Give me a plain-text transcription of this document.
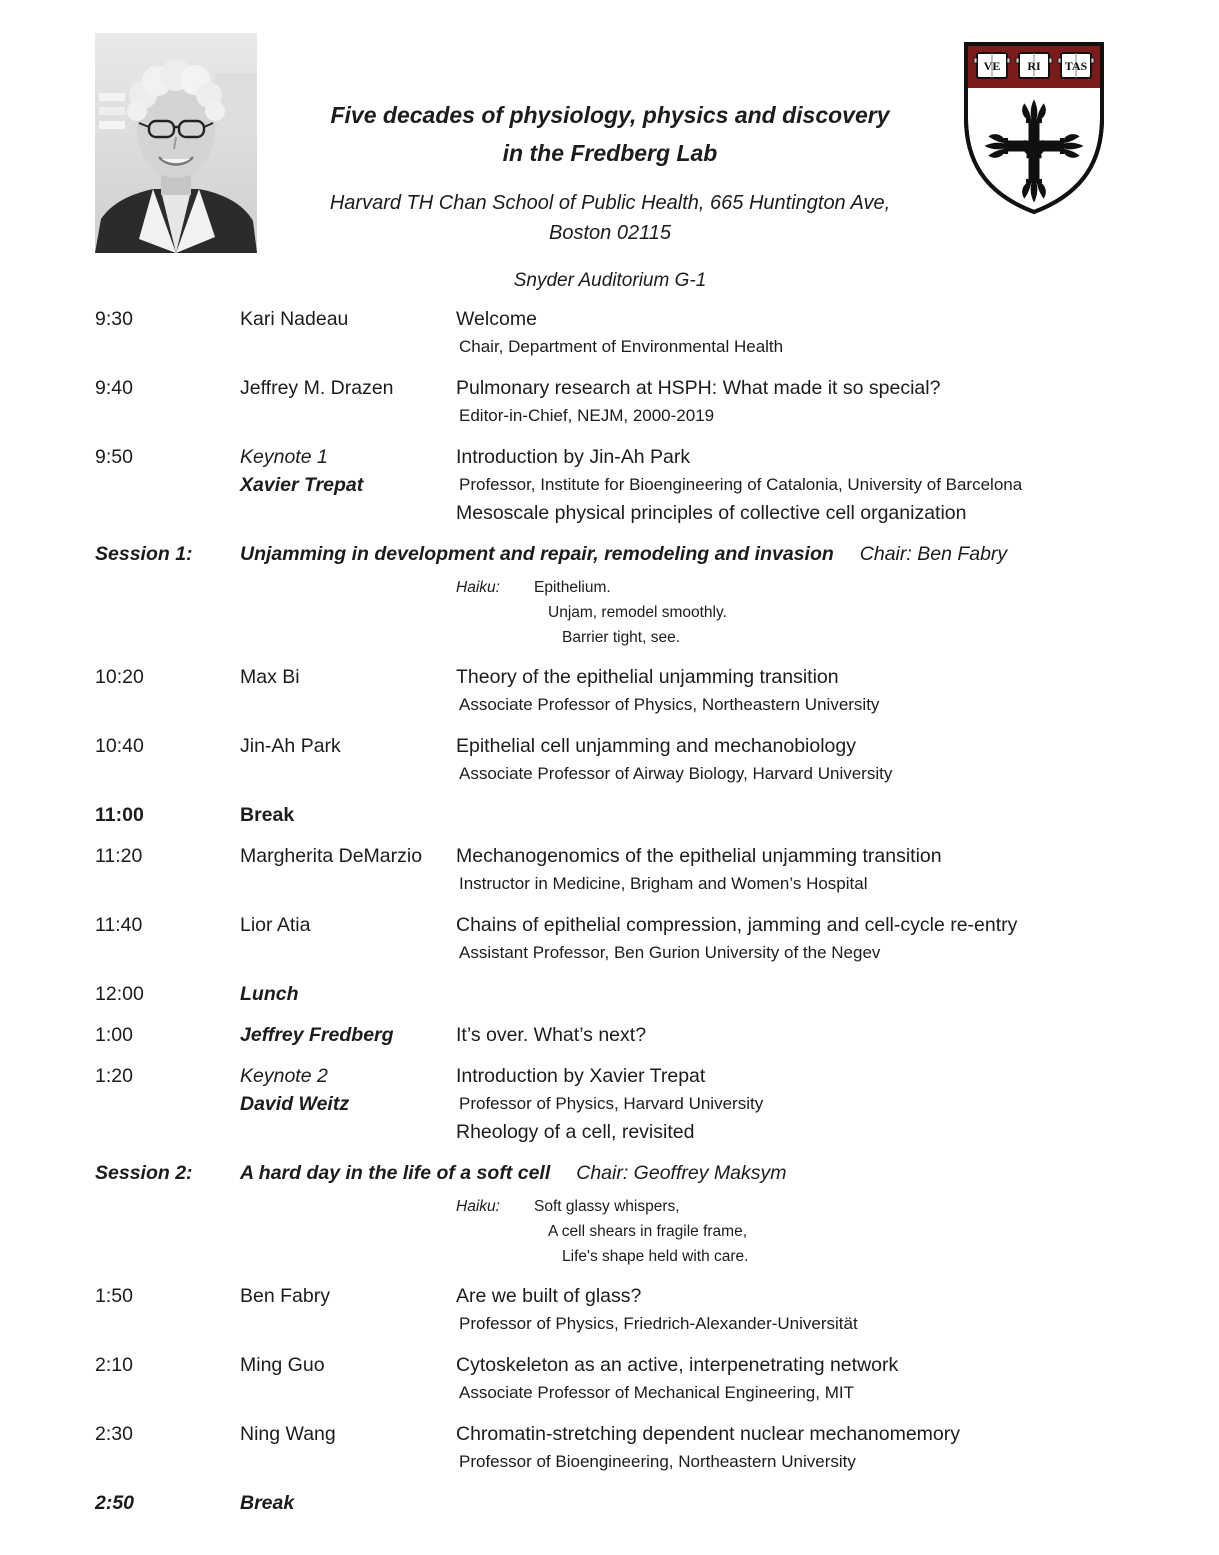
VE RI TAS
Five decades of physiology, physics and discovery
in the Fredberg Lab
Harvard TH Chan School of Public Health, 665 Huntington Ave,
Boston 02115
Snyder Auditorium G-1
9:30	Kari Nadeau	Welcome
Chair, Department of Environmental Health
9:40	Jeffrey M. Drazen	Pulmonary research at HSPH: What made it so special?
Editor-in-Chief, NEJM, 2000-2019
9:50	Keynote 1
Xavier Trepat
Introduction by Jin-Ah Park
Professor, Institute for Bioengineering of Catalonia, University of Barcelona
Mesoscale physical principles of collective cell organization
Session 1:	Unjamming in development and repair, remodeling and invasion Chair: Ben Fabry
Haiku:	Epithelium.
Unjam, remodel smoothly.
Barrier tight, see.
10:20	Max Bi	Theory of the epithelial unjamming transition
Associate Professor of Physics, Northeastern University
10:40	Jin-Ah Park	Epithelial cell unjamming and mechanobiology
Associate Professor of Airway Biology, Harvard University
11:00	Break
11:20	Margherita DeMarzio	Mechanogenomics of the epithelial unjamming transition
Instructor in Medicine, Brigham and Women’s Hospital
11:40	Lior Atia	Chains of epithelial compression, jamming and cell-cycle re-entry
Assistant Professor, Ben Gurion University of the Negev
12:00	Lunch
1:00	Jeffrey Fredberg	It’s over. What’s next?
1:20	Keynote 2
David Weitz
Introduction by Xavier Trepat
Professor of Physics, Harvard University
Rheology of a cell, revisited
Session 2:	A hard day in the life of a soft cell Chair: Geoffrey Maksym
Haiku:	Soft glassy whispers,
A cell shears in fragile frame,
Life's shape held with care.
1:50	Ben Fabry	Are we built of glass?
Professor of Physics, Friedrich-Alexander-Universität
2:10	Ming Guo	Cytoskeleton as an active, interpenetrating network
Associate Professor of Mechanical Engineering, MIT
2:30	Ning Wang	Chromatin-stretching dependent nuclear mechanomemory
Professor of Bioengineering, Northeastern University
2:50	Break
